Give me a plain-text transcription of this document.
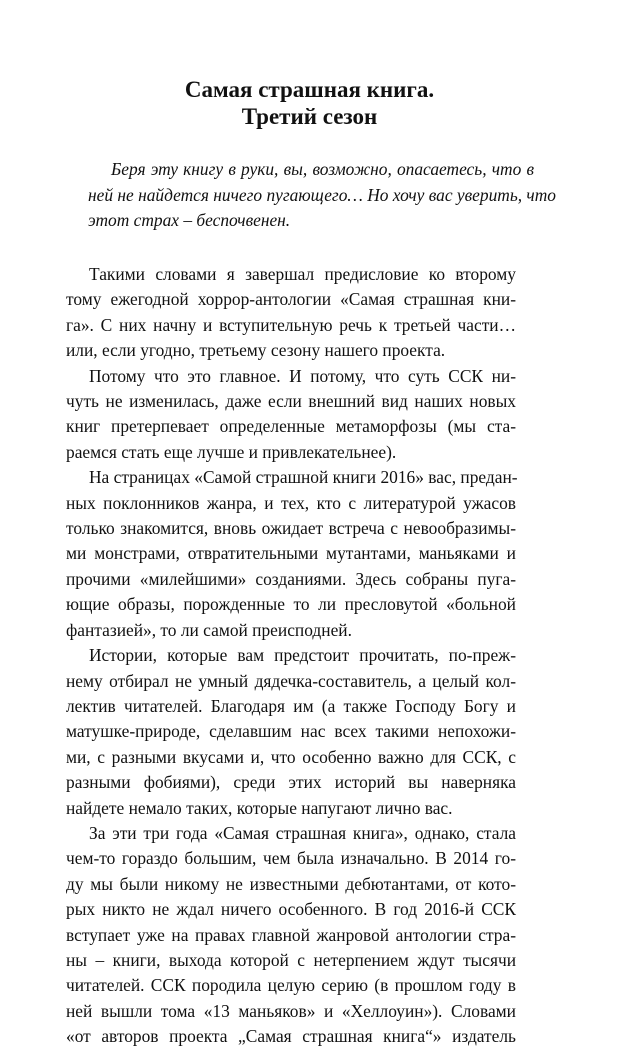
Самая страшная книга.
Третий сезон
Беря эту книгу в руки, вы, возможно, опасаетесь, что в
ней не найдется ничего пугающего… Но хочу вас уверить, что
этот страх – беспочвенен.
Такими словами я завершал предисловие ко второму
тому ежегодной хоррор-антологии «Самая страшная кни-
га». С них начну и вступительную речь к третьей части…
или, если угодно, третьему сезону нашего проекта.
Потому что это главное. И потому, что суть ССК ни-
чуть не изменилась, даже если внешний вид наших новых
книг претерпевает определенные метаморфозы (мы ста-
раемся стать еще лучше и привлекательнее).
На страницах «Самой страшной книги 2016» вас, предан-
ных поклонников жанра, и тех, кто с литературой ужасов
только знакомится, вновь ожидает встреча с невообразимы-
ми монстрами, отвратительными мутантами, маньяками и
прочими «милейшими» созданиями. Здесь собраны пуга-
ющие образы, порожденные то ли пресловутой «больной
фантазией», то ли самой преисподней.
Истории, которые вам предстоит прочитать, по-преж-
нему отбирал не умный дядечка-составитель, а целый кол-
лектив читателей. Благодаря им (а также Господу Богу и
матушке-природе, сделавшим нас всех такими непохожи-
ми, с разными вкусами и, что особенно важно для ССК, с
разными фобиями), среди этих историй вы наверняка
найдете немало таких, которые напугают лично вас.
За эти три года «Самая страшная книга», однако, стала
чем-то гораздо большим, чем была изначально. В 2014 го-
ду мы были никому не известными дебютантами, от кото-
рых никто не ждал ничего особенного. В год 2016-й ССК
вступает уже на правах главной жанровой антологии стра-
ны – книги, выхода которой с нетерпением ждут тысячи
читателей. ССК породила целую серию (в прошлом году в
ней вышли тома «13 маньяков» и «Хеллоуин»). Словами
«от авторов проекта „Самая страшная книга“» издатель
